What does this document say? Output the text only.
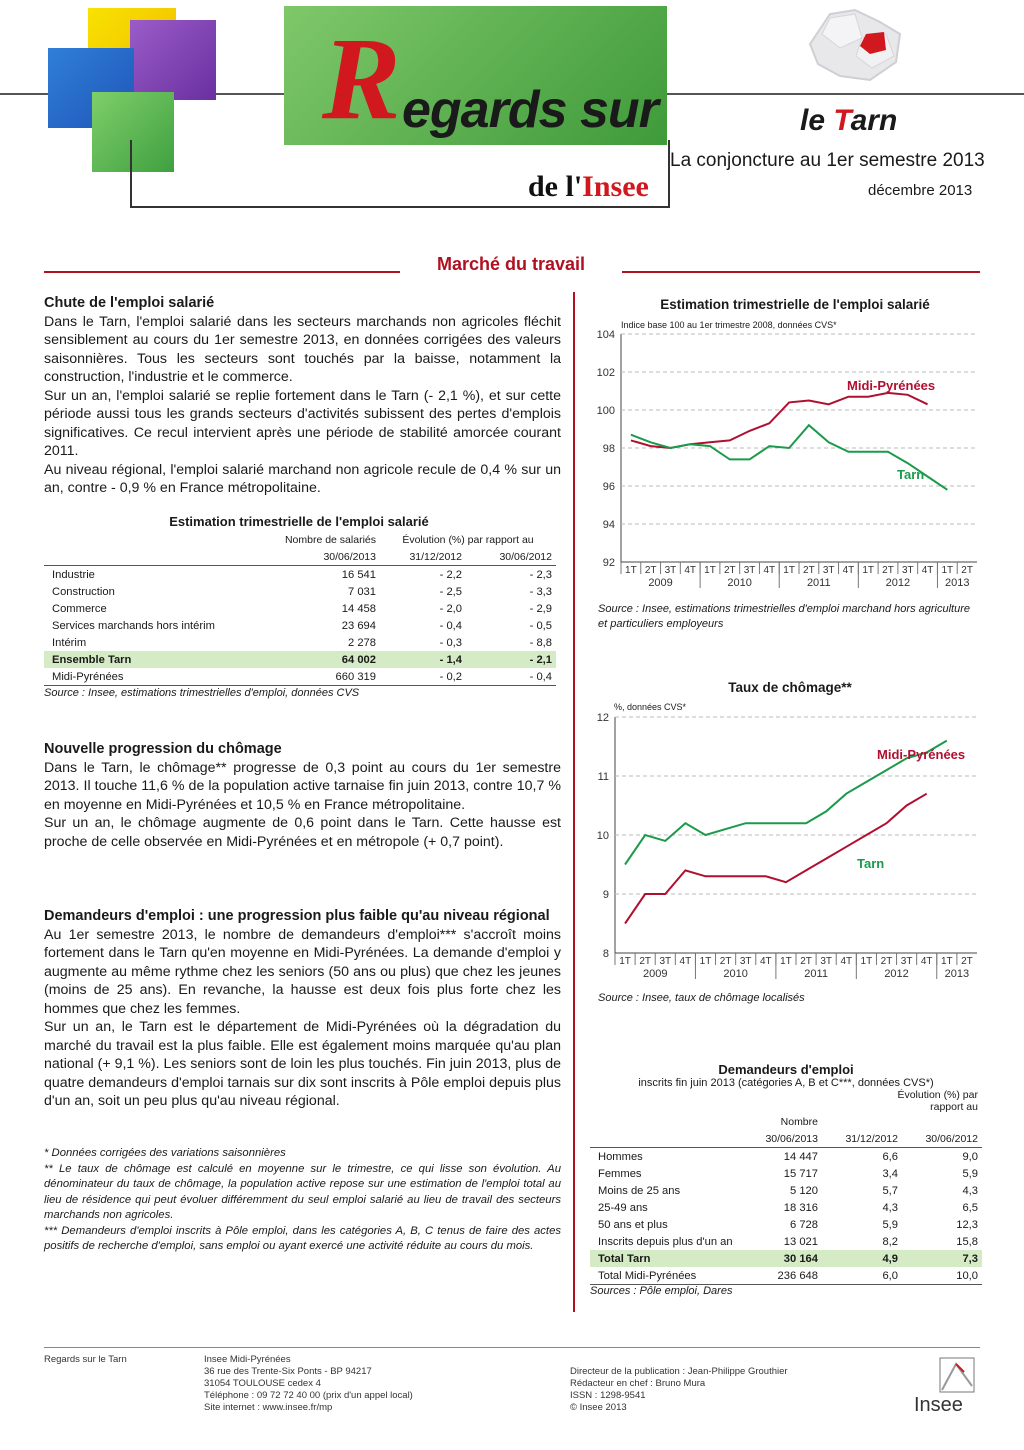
R egards sur
de l'Insee
le Tarn
La conjoncture au 1er semestre 2013
décembre 2013
Marché du travail
Chute de l'emploi salarié

Dans le Tarn, l'emploi salarié dans les secteurs marchands non agricoles fléchit sensiblement au cours du 1er semestre 2013, en données corrigées des valeurs saisonnières. Tous les secteurs sont touchés par la baisse, notamment la construction, l'industrie et le commerce.

Sur un an, l'emploi salarié se replie fortement dans le Tarn (- 2,1 %), et sur cette période aussi tous les grands secteurs d'activités subissent des pertes d'emplois significatives. Ce recul intervient après une période de stabilité amorcée courant 2011.

Au niveau régional, l'emploi salarié marchand non agricole recule de 0,4 % sur un an, contre - 0,9 % en France métropolitaine.

Estimation trimestrielle de l'emploi salarié
	Nombre de salariés	Évolution (%) par rapport au	
	30/06/2013	31/12/2012	30/06/2012
Industrie	16 541	- 2,2	- 2,3
Construction	7 031	- 2,5	- 3,3
Commerce	14 458	- 2,0	- 2,9
Services marchands hors intérim	23 694	- 0,4	- 0,5
Intérim	2 278	- 0,3	- 8,8
Ensemble Tarn	64 002	- 1,4	- 2,1
Midi-Pyrénées	660 319	- 0,2	- 0,4
Source : Insee, estimations trimestrielles d'emploi, données CVS
Nouvelle progression du chômage

Dans le Tarn, le chômage** progresse de 0,3 point au cours du 1er semestre 2013. Il touche 11,6 % de la population active tarnaise fin juin 2013, contre 10,7 % en moyenne en Midi-Pyrénées et 10,5 % en France métropolitaine.

Sur un an, le chômage augmente de 0,6 point dans le Tarn. Cette hausse est proche de celle observée en Midi-Pyrénées et en métropole (+ 0,7 point).

Demandeurs d'emploi : une progression plus faible qu'au niveau régional

Au 1er semestre 2013, le nombre de demandeurs d'emploi*** s'accroît moins fortement dans le Tarn qu'en moyenne en Midi-Pyrénées. La demande d'emploi y augmente au même rythme chez les seniors (50 ans ou plus) que chez les jeunes (moins de 25 ans). En revanche, la hausse est deux fois plus forte chez les hommes que chez les femmes.

Sur un an, le Tarn est le département de Midi-Pyrénées où la dégradation du marché du travail est la plus faible. Elle est également moins marquée qu'au plan national (+ 9,1 %). Les seniors sont de loin les plus touchés. Fin juin 2013, plus de quatre demandeurs d'emploi tarnais sur dix sont inscrits à Pôle emploi depuis plus d'un an, soit un peu plus qu'au niveau régional.

* Données corrigées des variations saisonnières

** Le taux de chômage est calculé en moyenne sur le trimestre, ce qui lisse son évolution. Au dénominateur du taux de chômage, la population active repose sur une estimation de l'emploi total au lieu de résidence qui peut évoluer différemment du seul emploi salarié au lieu de travail des secteurs marchands non agricoles.

*** Demandeurs d'emploi inscrits à Pôle emploi, dans les catégories A, B, C tenus de faire des actes positifs de recherche d'emploi, sans emploi ou ayant exercé une activité réduite au cours du mois.

Estimation trimestrielle de l'emploi salarié
Indice base 100 au 1er trimestre 2008, données CVS*
92
94
96
98
100
102
104
1T 2T 3T 4T 1T 2T 3T 4T 1T 2T 3T 4T 1T 2T 3T 4T 1T 2T
2009	2010	2011	2012	2013
Midi-Pyrénées
Tarn
Source : Insee, estimations trimestrielles d'emploi marchand hors agriculture et particuliers employeurs
Taux de chômage**
%, données CVS*
8
9
10
11
12
1T 2T 3T 4T 1T 2T 3T 4T 1T 2T 3T 4T 1T 2T 3T 4T 1T 2T
2009	2010	2011	2012	2013
Tarn
Midi-Pyrénées
Source : Insee, taux de chômage localisés
Demandeurs d'emploi
inscrits fin juin 2013 (catégories A, B et C***, données CVS*)
		Évolution (%) par rapport au	
	Nombre		
	30/06/2013	31/12/2012	30/06/2012
Hommes	14 447	6,6	9,0
Femmes	15 717	3,4	5,9
Moins de 25 ans	5 120	5,7	4,3
25-49 ans	18 316	4,3	6,5
50 ans et plus	6 728	5,9	12,3
Inscrits depuis plus d'un an	13 021	8,2	15,8
Total Tarn	30 164	4,9	7,3
Total Midi-Pyrénées	236 648	6,0	10,0
Sources : Pôle emploi, Dares
Regards sur le Tarn	Insee Midi-Pyrénées
36 rue des Trente-Six Ponts - BP 94217
31054 TOULOUSE cedex 4
Téléphone : 09 72 72 40 00 (prix d'un appel local)
Site internet : www.insee.fr/mp
Directeur de la publication : Jean-Philippe Grouthier
Rédacteur en chef : Bruno Mura
ISSN : 1298-9541
© Insee 2013	Insee
